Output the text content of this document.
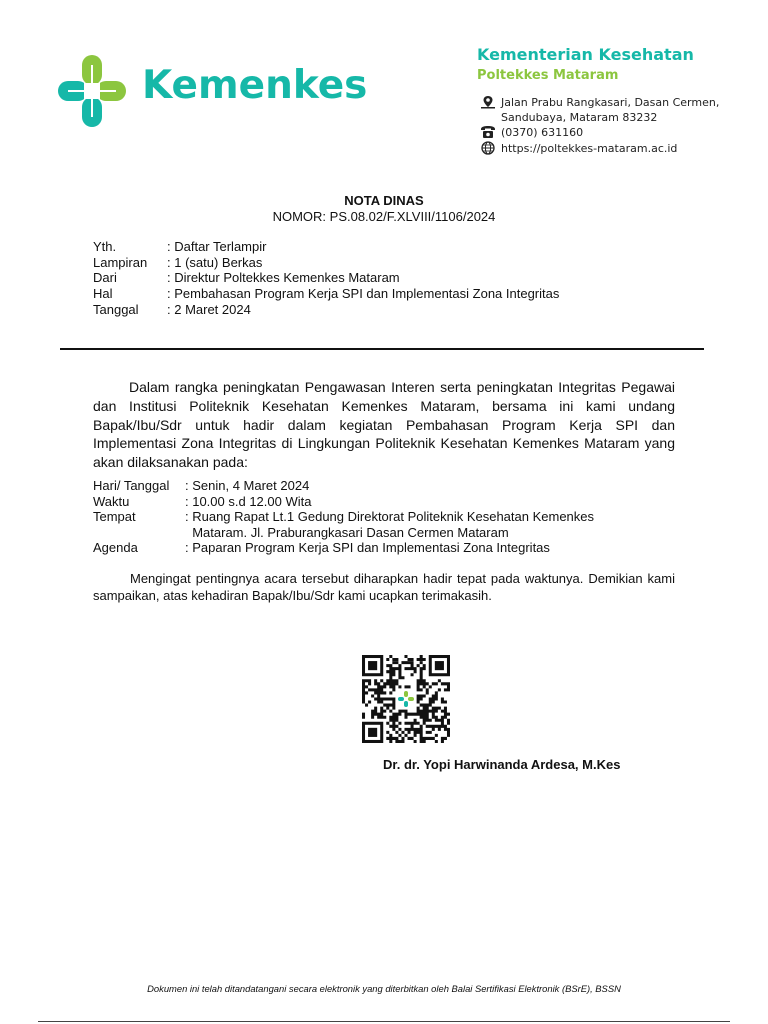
Kemenkes
Kementerian Kesehatan
Poltekkes Mataram
Jalan Prabu Rangkasari, Dasan Cermen,
Sandubaya, Mataram 83232
(0370) 631160
https://poltekkes-mataram.ac.id
NOTA DINAS
NOMOR: PS.08.02/F.XLVIII/1106/2024
Yth.	: Daftar Terlampir
Lampiran : 1 (satu) Berkas
Dari	: Direktur Poltekkes Kemenkes Mataram
Hal	: Pembahasan Program Kerja SPI dan Implementasi Zona Integritas
Tanggal : 2 Maret 2024

Dalam rangka peningkatan Pengawasan Interen serta peningkatan Integritas Pegawai dan Institusi Politeknik Kesehatan Kemenkes Mataram, bersama ini kami undang Bapak/Ibu/Sdr untuk hadir dalam kegiatan Pembahasan Program Kerja SPI dan Implementasi Zona Integritas di Lingkungan Politeknik Kesehatan Kemenkes Mataram yang akan dilaksanakan pada:

Hari/ Tanggal : Senin, 4 Maret 2024
Waktu	: 10.00 s.d 12.00 Wita
Tempat	: Ruang Rapat Lt.1 Gedung Direktorat Politeknik Kesehatan Kemenkes
Mataram. Jl. Praburangkasari Dasan Cermen Mataram
Agenda	: Paparan Program Kerja SPI dan Implementasi Zona Integritas

Mengingat pentingnya acara tersebut diharapkan hadir tepat pada waktunya. Demikian kami sampaikan, atas kehadiran Bapak/Ibu/Sdr kami ucapkan terimakasih.

Dr. dr. Yopi Harwinanda Ardesa, M.Kes
Dokumen ini telah ditandatangani secara elektronik yang diterbitkan oleh Balai Sertifikasi Elektronik (BSrE), BSSN
